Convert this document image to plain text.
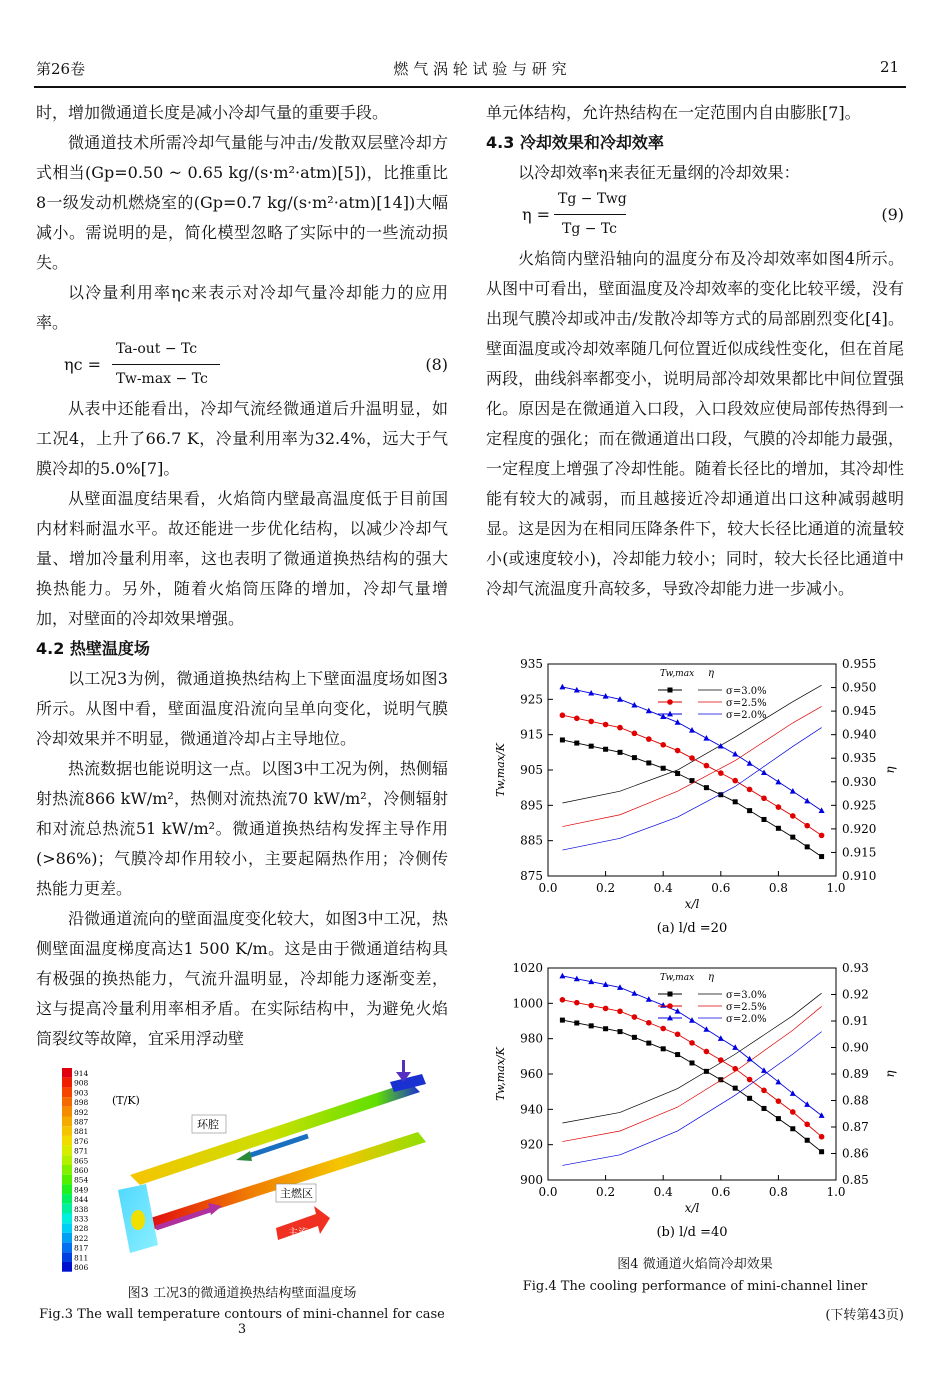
第26卷	燃 气 涡 轮 试 验 与 研 究	21

时，增加微通道长度是减小冷却气量的重要手段。

微通道技术所需冷却气量能与冲击/发散双层壁冷却方式相当(Gp=0.50 ~ 0.65 kg/(s·m²·atm)[5])，比推重比8一级发动机燃烧室的(Gp=0.7 kg/(s·m²·atm)[14])大幅减小。需说明的是，简化模型忽略了实际中的一些流动损失。

以冷量利用率ηc来表示对冷却气量冷却能力的应用率。

ηc =
Ta-out − Tc
Tw-max − Tc
(8)

从表中还能看出，冷却气流经微通道后升温明显，如工况4，上升了66.7 K，冷量利用率为32.4%，远大于气膜冷却的5.0%[7]。

从壁面温度结果看，火焰筒内壁最高温度低于目前国内材料耐温水平。故还能进一步优化结构，以减少冷却气量、增加冷量利用率，这也表明了微通道换热结构的强大换热能力。另外，随着火焰筒压降的增加，冷却气量增加，对壁面的冷却效果增强。

4.2 热壁温度场

以工况3为例，微通道换热结构上下壁面温度场如图3所示。从图中看，壁面温度沿流向呈单向变化，说明气膜冷却效果并不明显，微通道冷却占主导地位。

热流数据也能说明这一点。以图3中工况为例，热侧辐射热流866 kW/m²，热侧对流热流70 kW/m²，冷侧辐射和对流总热流51 kW/m²。微通道换热结构发挥主导作用(>86%)；气膜冷却作用较小，主要起隔热作用；冷侧传热能力更差。

沿微通道流向的壁面温度变化较大，如图3中工况，热侧壁面温度梯度高达1 500 K/m。这是由于微通道结构具有极强的换热能力，气流升温明显，冷却能力逐渐变差，这与提高冷量利用率相矛盾。在实际结构中，为避免火焰筒裂纹等故障，宜采用浮动壁

914
908
903
898
892
887
881
876
871
865
860
854
849
844
838
833
828
822
817
811
806
(T/K)
环腔
主燃区
主流
图3 工况3的微通道换热结构壁面温度场
Fig.3 The wall temperature contours of mini-channel for case 3

单元体结构，允许热结构在一定范围内自由膨胀[7]。

4.3 冷却效果和冷却效率

以冷却效率η来表征无量纲的冷却效果：

η =
Tg − Twg
Tg − Tc
(9)

火焰筒内壁沿轴向的温度分布及冷却效率如图4所示。从图中可看出，壁面温度及冷却效率的变化比较平缓，没有出现气膜冷却或冲击/发散冷却等方式的局部剧烈变化[4]。壁面温度或冷却效率随几何位置近似成线性变化，但在首尾两段，曲线斜率都变小，说明局部冷却效果都比中间位置强化。原因是在微通道入口段，入口段效应使局部传热得到一定程度的强化；而在微通道出口段，气膜的冷却能力最强，一定程度上增强了冷却性能。随着长径比的增加，其冷却性能有较大的减弱，而且越接近冷却通道出口这种减弱越明显。这是因为在相同压降条件下，较大长径比通道的流量较小(或速度较小)，冷却能力较小；同时，较大长径比通道中冷却气流温度升高较多，导致冷却能力进一步减小。

0.0	0.2	0.4	0.6	0.8	1.0
875
885
895
905
915
925
935
0.910
0.915
0.920
0.925
0.930
0.935
0.940
0.945
0.950
0.955
x/l
Tw,max/K	η
(a) l/d =20
Tw,max η
σ=3.0%
σ=2.5%
σ=2.0%
0.0	0.2	0.4	0.6	0.8	1.0
900
920
940
960
980
1000
1020
0.85
0.86
0.87
0.88
0.89
0.90
0.91
0.92
0.93
x/l
Tw,max/K	η
(b) l/d =40
Tw,max η
σ=3.0%
σ=2.5%
σ=2.0%
图4 微通道火焰筒冷却效果
Fig.4 The cooling performance of mini-channel liner
(下转第43页)
